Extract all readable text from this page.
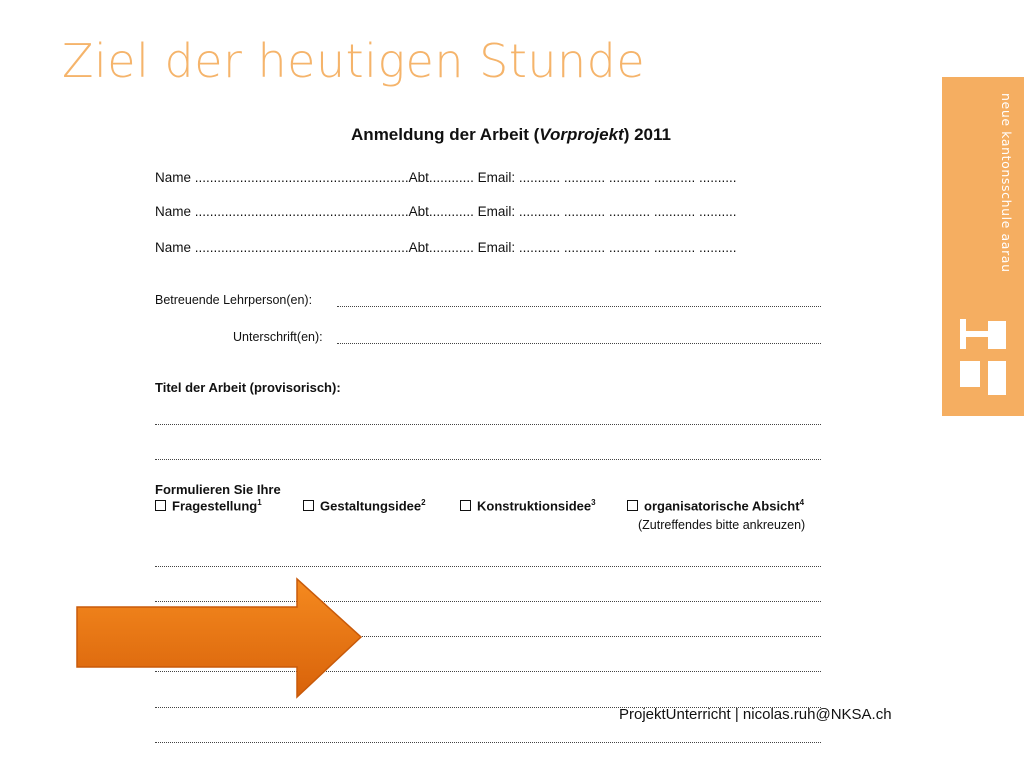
Ziel der heutigen Stunde
neue kantonsschule aarau
Anmeldung der Arbeit (Vorprojekt) 2011
Name .........................................................Abt............ Email: ........... ........... ........... ........... ..........
Name .........................................................Abt............ Email: ........... ........... ........... ........... ..........
Name .........................................................Abt............ Email: ........... ........... ........... ........... ..........
Betreuende Lehrperson(en):
Unterschrift(en):
Titel der Arbeit (provisorisch):
Formulieren Sie Ihre
Fragestellung$^1$	Gestaltungsidee$^2$	Konstruktionsidee$^3$	organisatorische Absicht$^4$
(Zutreffendes bitte ankreuzen)
ProjektUnterricht | nicolas.ruh@NKSA.ch
